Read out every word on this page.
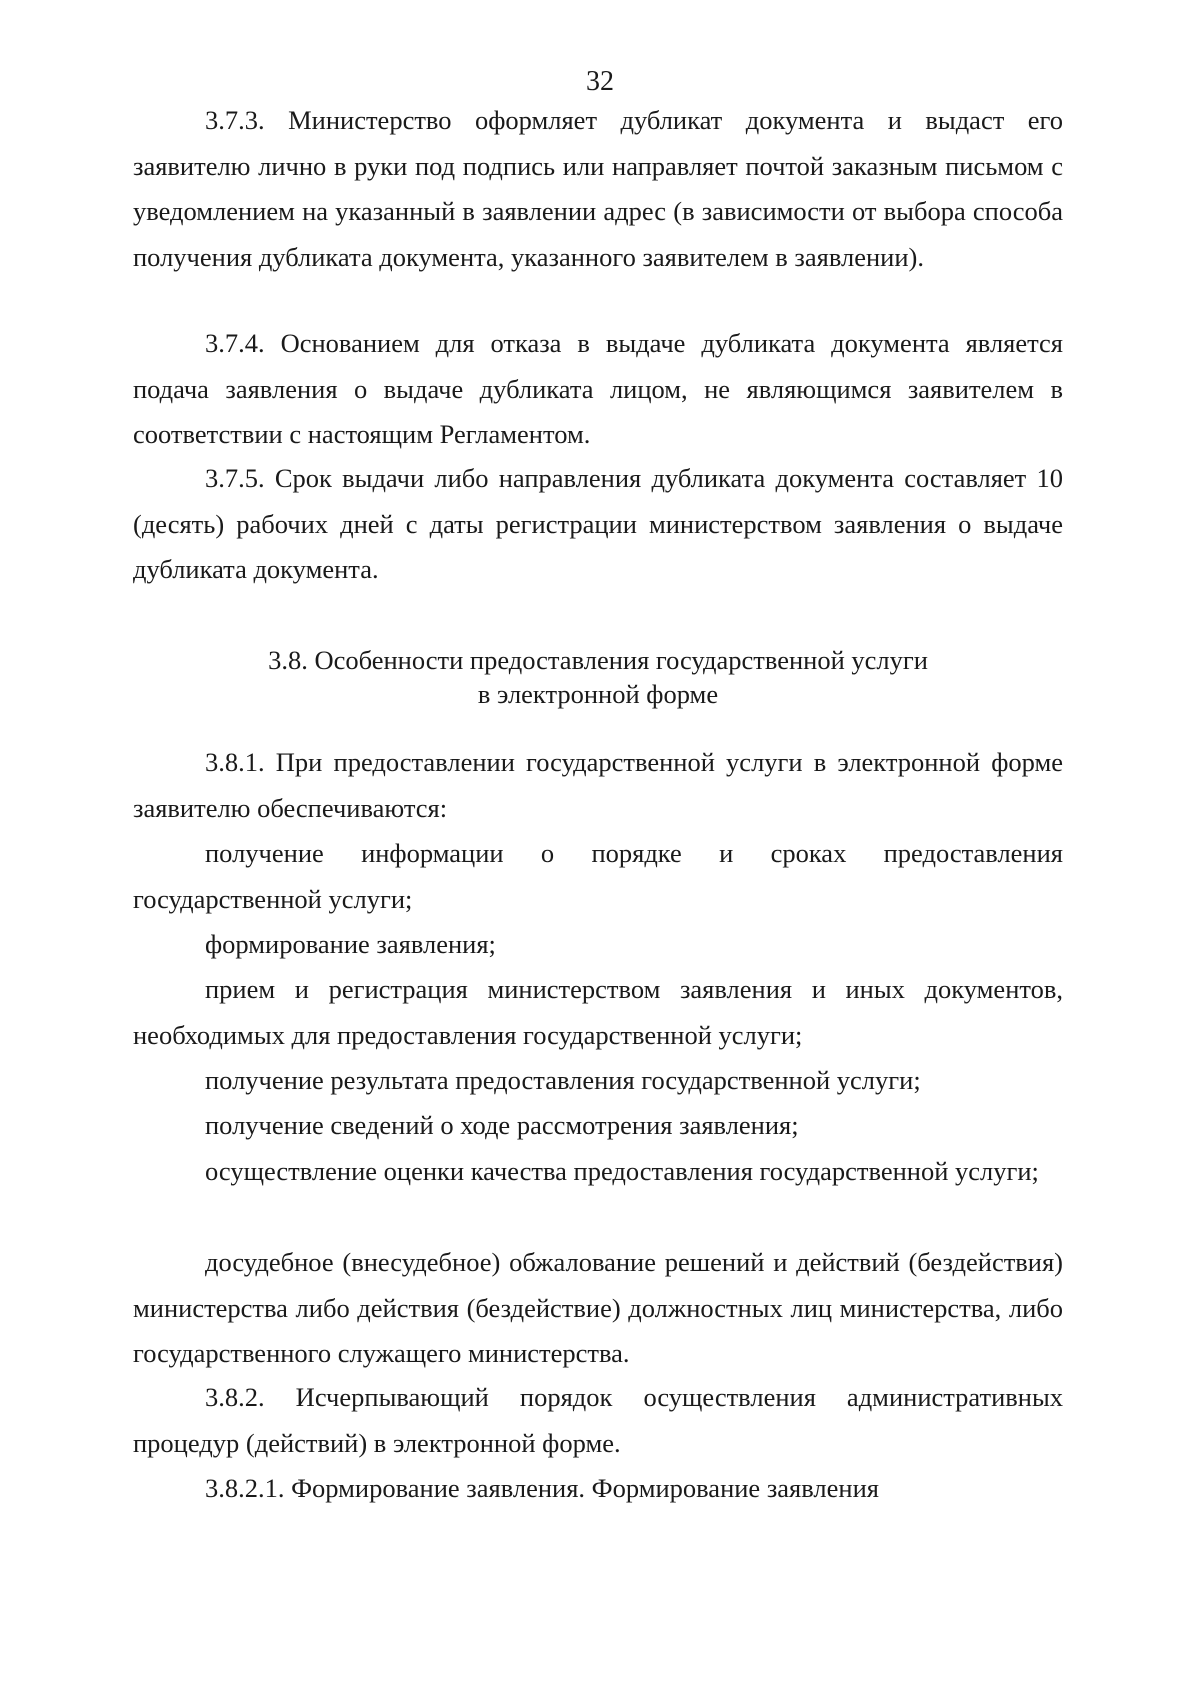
32

3.7.3. Министерство оформляет дубликат документа и выдаст его заявителю лично в руки под подпись или направляет почтой заказным письмом с уведомлением на указанный в заявлении адрес (в зависимости от выбора способа получения дубликата документа, указанного заявителем в заявлении).

3.7.4. Основанием для отказа в выдаче дубликата документа является подача заявления о выдаче дубликата лицом, не являющимся заявителем в соответствии с настоящим Регламентом.

3.7.5. Срок выдачи либо направления дубликата документа составляет 10 (десять) рабочих дней с даты регистрации министерством заявления о выдаче дубликата документа.

3.8. Особенности предоставления государственной услуги
в электронной форме

3.8.1. При предоставлении государственной услуги в электронной форме заявителю обеспечиваются:

получение информации о порядке и сроках предоставления государственной услуги;

формирование заявления;

прием и регистрация министерством заявления и иных документов, необходимых для предоставления государственной услуги;

получение результата предоставления государственной услуги;

получение сведений о ходе рассмотрения заявления;

осуществление оценки качества предоставления государственной услуги;

досудебное (внесудебное) обжалование решений и действий (бездействия) министерства либо действия (бездействие) должностных лиц министерства, либо государственного служащего министерства.

3.8.2. Исчерпывающий порядок осуществления административных процедур (действий) в электронной форме.

3.8.2.1. Формирование заявления. Формирование заявления
